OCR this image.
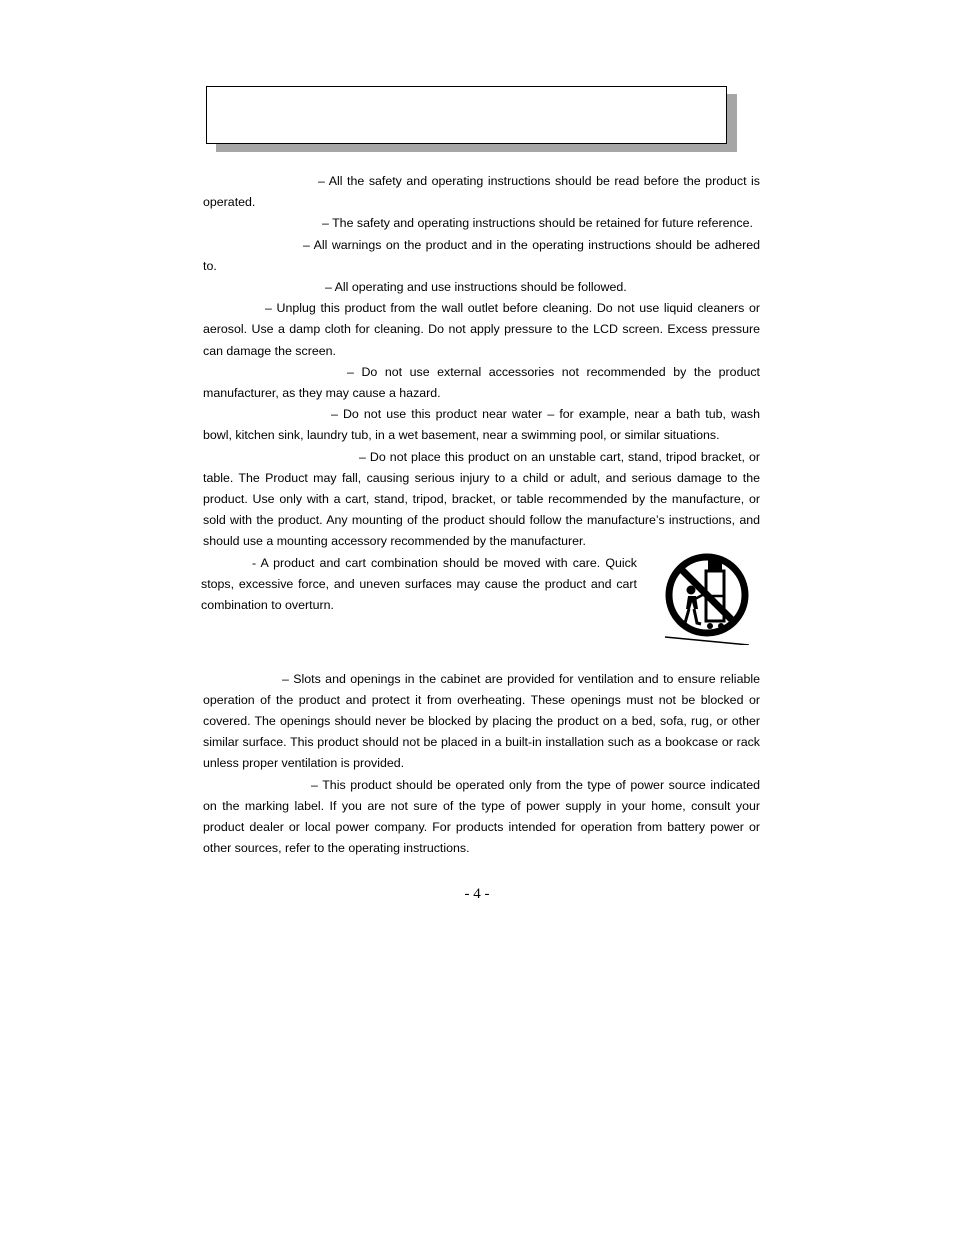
– All the safety and operating instructions should be read before the product is operated.

– The safety and operating instructions should be retained for future reference.

– All warnings on the product and in the operating instructions should be adhered to.

– All operating and use instructions should be followed.

– Unplug this product from the wall outlet before cleaning. Do not use liquid cleaners or aerosol. Use a damp cloth for cleaning. Do not apply pressure to the LCD screen. Excess pressure can damage the screen.

– Do not use external accessories not recommended by the product manufacturer, as they may cause a hazard.

– Do not use this product near water – for example, near a bath tub, wash bowl, kitchen sink, laundry tub, in a wet basement, near a swimming pool, or similar situations.

– Do not place this product on an unstable cart, stand, tripod bracket, or table. The Product may fall, causing serious injury to a child or adult, and serious damage to the product. Use only with a cart, stand, tripod, bracket, or table recommended by the manufacture, or sold with the product. Any mounting of the product should follow the manufacture’s instructions, and should use a mounting accessory recommended by the manufacturer.

- A product and cart combination should be moved with care. Quick stops, excessive force, and uneven surfaces may cause the product and cart combination to overturn.

– Slots and openings in the cabinet are provided for ventilation and to ensure reliable operation of the product and protect it from overheating. These openings must not be blocked or covered. The openings should never be blocked by placing the product on a bed, sofa, rug, or other similar surface. This product should not be placed in a built-in installation such as a bookcase or rack unless proper ventilation is provided.

– This product should be operated only from the type of power source indicated on the marking label. If you are not sure of the type of power supply in your home, consult your product dealer or local power company. For products intended for operation from battery power or other sources, refer to the operating instructions.

- 4 -
